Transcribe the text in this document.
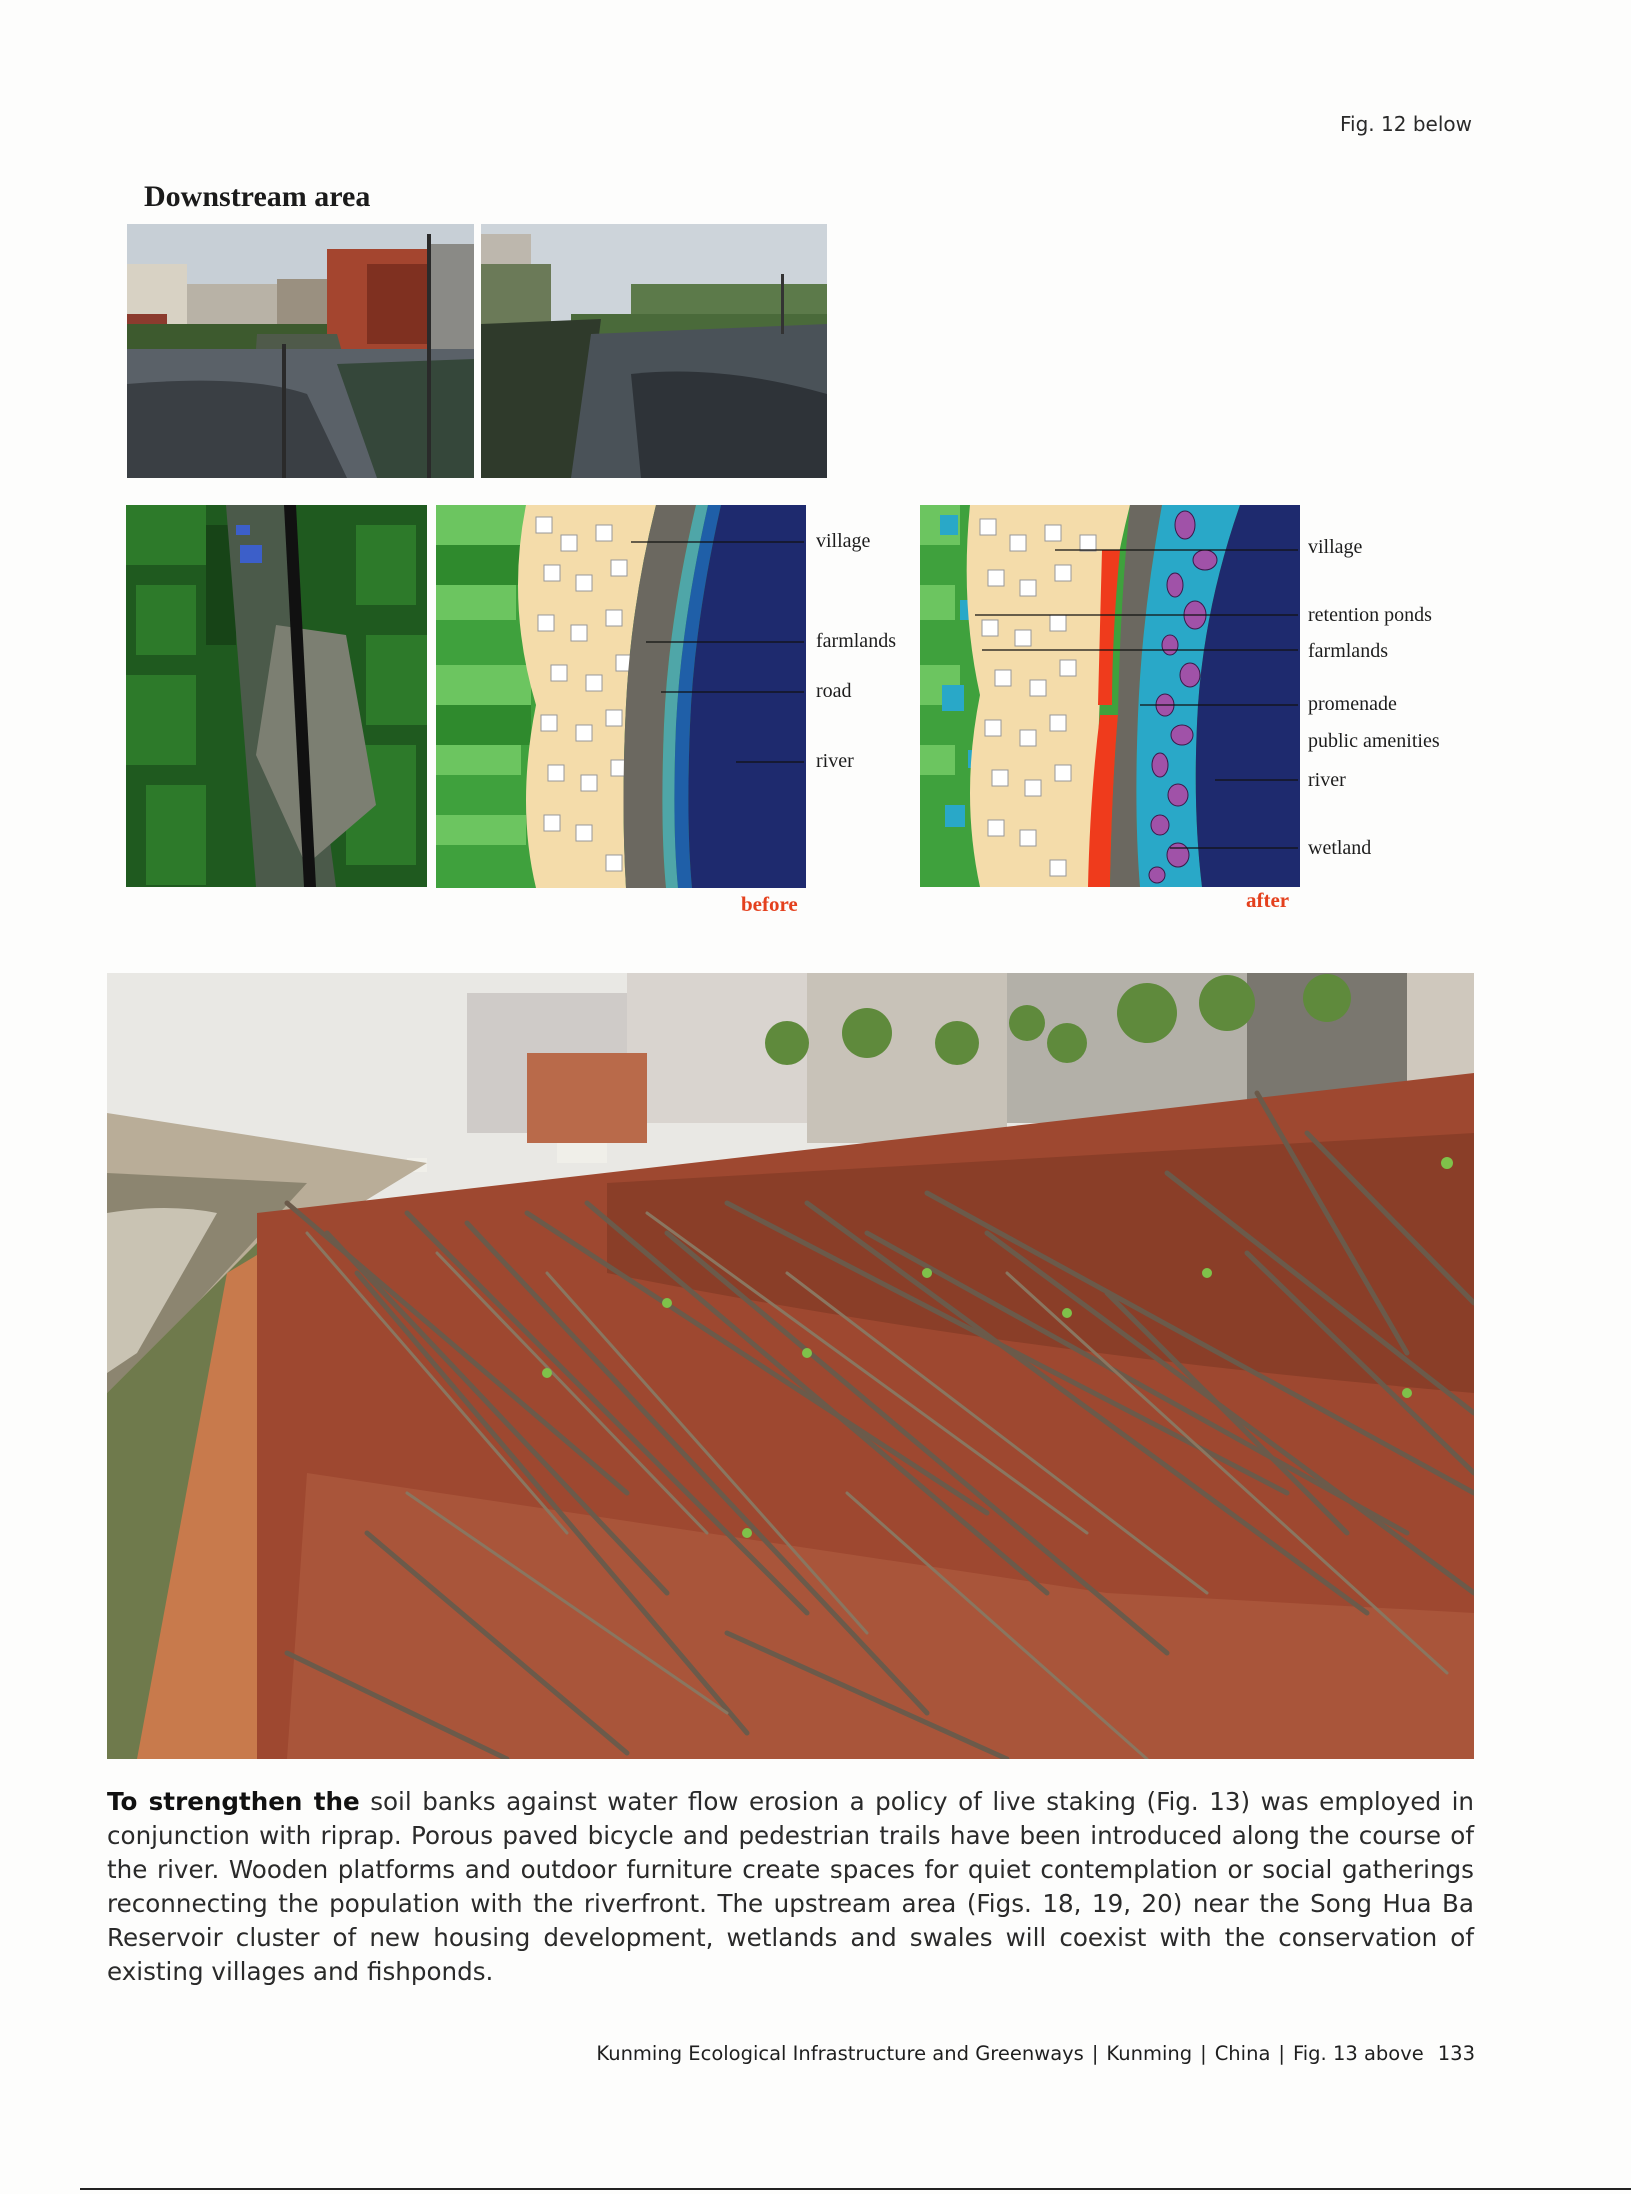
Fig. 12 below
Downstream area
village
farmlands
road
river
before
village
retention ponds
farmlands
promenade
public amenities
river
wetland
after
To strengthen the soil banks against water flow erosion a policy of live staking (Fig. 13) was employed in conjunction with riprap. Porous paved bicycle and pedestrian trails have been introduced along the course of the river. Wooden platforms and outdoor furniture create spaces for quiet contemplation or social gatherings reconnecting the population with the riverfront. The upstream area (Figs. 18, 19, 20) near the Song Hua Ba Reservoir cluster of new housing development, wetlands and swales will coexist with the conservation of existing villages and fishponds.
Kunming Ecological Infrastructure and Greenways | Kunming | China | Fig. 13 above 133
